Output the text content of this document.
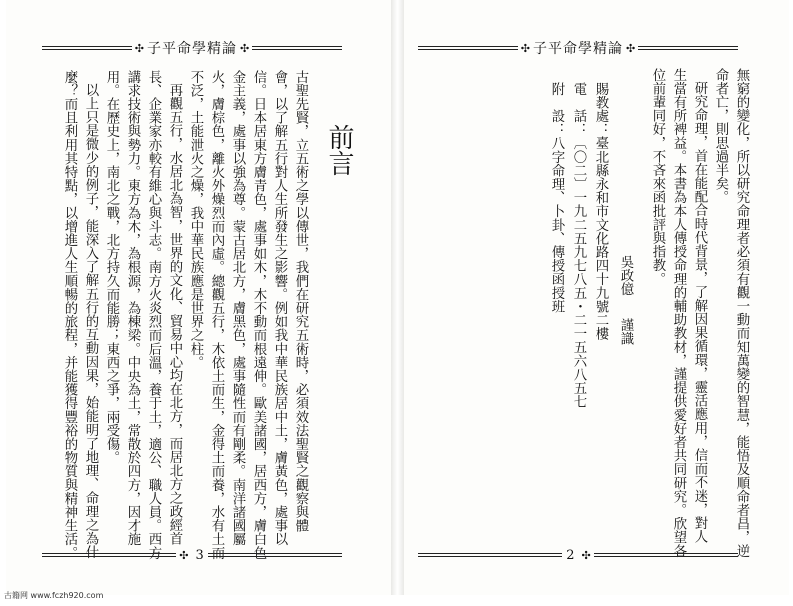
✣ 子平命學精論 ✣
前言
古聖先賢，立五術之學以傳世，我們在研究五術時，必須效法聖賢之觀察與體
會，以了解五行對人生所發生之影響。例如我中華民族居中土，膚黃色，處事以
信。日本居東方膚青色，處事如木，木不動而根遠伸。歐美諸國，居西方，膚白色
金主義，處事以強為尊。蒙古居北方，膚黑色，處事隨性而有剛柔。南洋諸國屬
火，膚棕色，離火外燥烈而內虛。總觀五行，木依土而生，金得土而養，水有土而
不泛，土能泄火之燥，我中華民族應是世界之柱。
再觀五行，水居北為智，世界的文化、貿易中心均在北方，而居北方之政經首
長、企業家亦較有維心與斗志。南方火炎烈而后溫，養于土，適公、職人員。西方
講求技術與勢力。東方為木，為根源，為棟梁。中央為土，常散於四方，因才施
用。在歷史上，南北之戰，北方持久而能勝；東西之爭，兩受傷。
以上只是微少的例子，能深入了解五行的互動因果，始能明了地理、命理之為什
麼？而且利用其特點，以增進人生順暢的旅程，并能獲得豐裕的物質與精神生活。	✣ 3
✣ 子平命學精論 ✣
無窮的變化，所以研究命理者必須有觀一動而知萬變的智慧，能悟及順命者昌，逆
命者亡，則思過半矣。
研究命理，首在能配合時代背景，了解因果循環，靈活應用，信而不迷，對人
生當有所裨益。本書為本人傳授命理的輔助教材，謹提供愛好者共同研究。欣望各
位前輩同好，不吝來函批評與指教。
吳政億
謹識
賜教處：臺北縣永和市文化路四十九號二樓
電　話：〔〇二〕一九二五九七八五・二一五六八五七
附　設：八字命理、卜卦、傳授函授班
2 ✣
古籍网 www.fczh920.com
